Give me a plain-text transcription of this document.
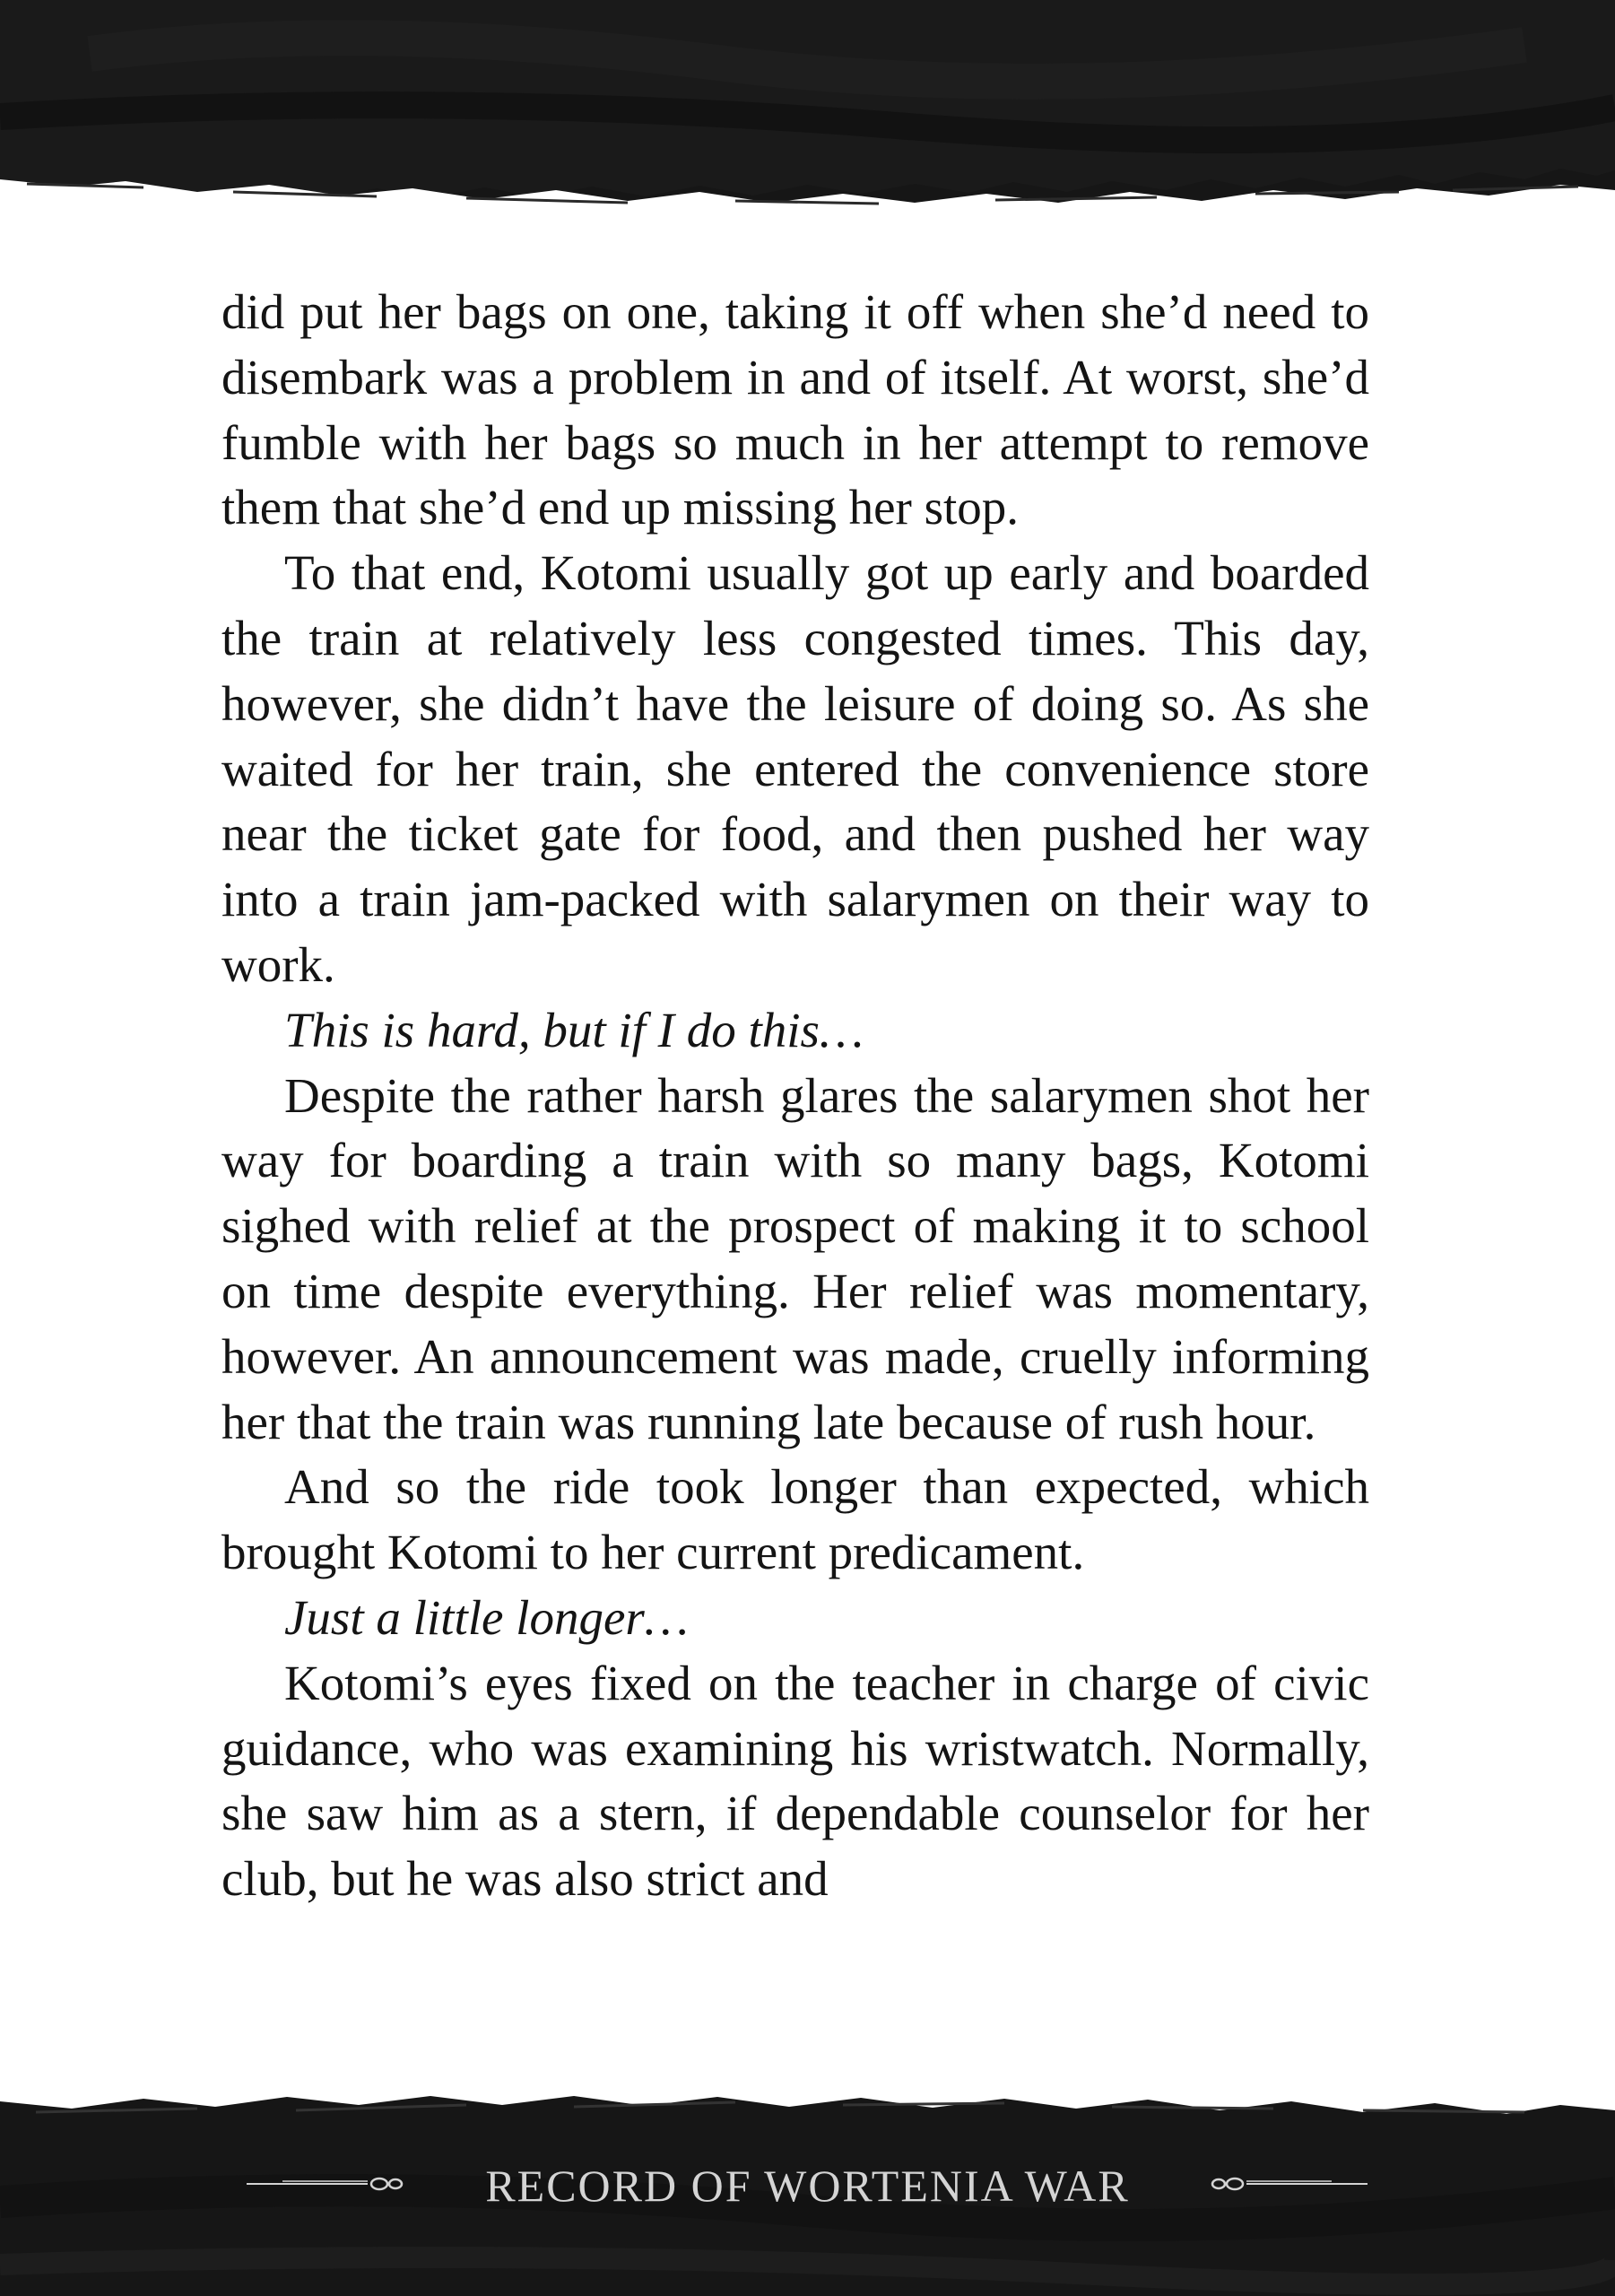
did put her bags on one, taking it off when she’d need to disembark was a problem in and of itself. At worst, she’d fumble with her bags so much in her attempt to remove them that she’d end up missing her stop.

To that end, Kotomi usually got up early and boarded the train at relatively less congested times. This day, however, she didn’t have the leisure of doing so. As she waited for her train, she entered the convenience store near the ticket gate for food, and then pushed her way into a train jam-packed with salarymen on their way to work.

This is hard, but if I do this…

Despite the rather harsh glares the salarymen shot her way for boarding a train with so many bags, Kotomi sighed with relief at the prospect of making it to school on time despite everything. Her relief was momentary, however. An announcement was made, cruelly informing her that the train was running late because of rush hour.

And so the ride took longer than expected, which brought Kotomi to her current predicament.

Just a little longer…

Kotomi’s eyes fixed on the teacher in charge of civic guidance, who was examining his wristwatch. Normally, she saw him as a stern, if dependable counselor for her club, but he was also strict and

RECORD OF WORTENIA WAR
